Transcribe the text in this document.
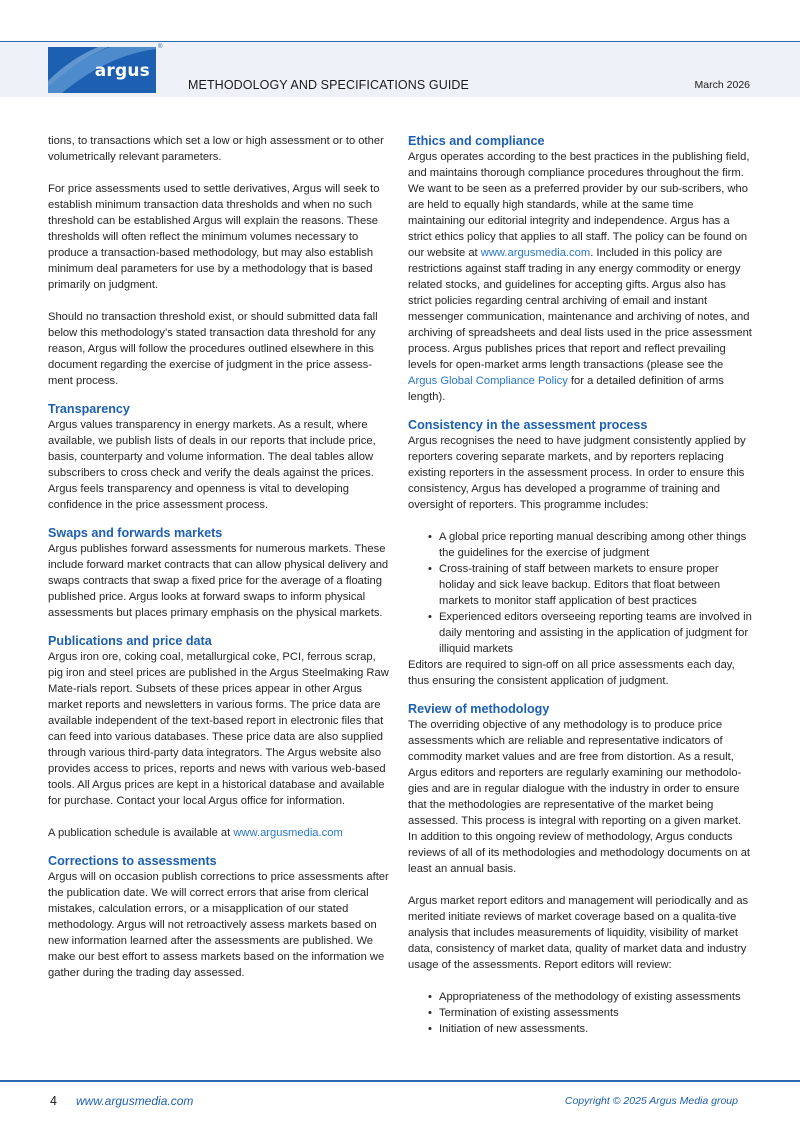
argus
®
METHODOLOGY AND SPECIFICATIONS GUIDE	March 2026

tions, to transactions which set a low or high assessment or to other volumetrically relevant parameters.

For price assessments used to settle derivatives, Argus will seek to establish minimum transaction data thresholds and when no such threshold can be established Argus will explain the reasons. These thresholds will often reflect the minimum volumes necessary to produce a transaction-based methodology, but may also establish minimum deal parameters for use by a methodology that is based primarily on judgment.

Should no transaction threshold exist, or should submitted data fall below this methodology’s stated transaction data threshold for any reason, Argus will follow the procedures outlined elsewhere in this document regarding the exercise of judgment in the price assess-ment process.

Transparency

Argus values transparency in energy markets. As a result, where available, we publish lists of deals in our reports that include price, basis, counterparty and volume information. The deal tables allow subscribers to cross check and verify the deals against the prices. Argus feels transparency and openness is vital to developing confidence in the price assessment process.

Swaps and forwards markets

Argus publishes forward assessments for numerous markets. These include forward market contracts that can allow physical delivery and swaps contracts that swap a fixed price for the average of a floating published price. Argus looks at forward swaps to inform physical assessments but places primary emphasis on the physical markets.

Publications and price data

Argus iron ore, coking coal, metallurgical coke, PCI, ferrous scrap, pig iron and steel prices are published in the Argus Steelmaking Raw Mate-rials report. Subsets of these prices appear in other Argus market reports and newsletters in various forms. The price data are available independent of the text-based report in electronic files that can feed into various databases. These price data are also supplied through various third-party data integrators. The Argus website also provides access to prices, reports and news with various web-based tools. All Argus prices are kept in a historical database and available for purchase. Contact your local Argus office for information.

A publication schedule is available at www.argusmedia.com

Corrections to assessments

Argus will on occasion publish corrections to price assessments after the publication date. We will correct errors that arise from clerical mistakes, calculation errors, or a misapplication of our stated methodology. Argus will not retroactively assess markets based on new information learned after the assessments are published. We make our best effort to assess markets based on the information we gather during the trading day assessed.

Ethics and compliance

Argus operates according to the best practices in the publishing field, and maintains thorough compliance procedures throughout the firm. We want to be seen as a preferred provider by our sub-scribers, who are held to equally high standards, while at the same time maintaining our editorial integrity and independence. Argus has a strict ethics policy that applies to all staff. The policy can be found on our website at www.argusmedia.com. Included in this policy are restrictions against staff trading in any energy commodity or energy related stocks, and guidelines for accepting gifts. Argus also has strict policies regarding central archiving of email and instant messenger communication, maintenance and archiving of notes, and archiving of spreadsheets and deal lists used in the price assessment process. Argus publishes prices that report and reflect prevailing levels for open-market arms length transactions (please see the Argus Global Compliance Policy for a detailed definition of arms length).

Consistency in the assessment process

Argus recognises the need to have judgment consistently applied by reporters covering separate markets, and by reporters replacing existing reporters in the assessment process. In order to ensure this consistency, Argus has developed a programme of training and oversight of reporters. This programme includes:

• A global price reporting manual describing among other things the guidelines for the exercise of judgment
• Cross-training of staff between markets to ensure proper holiday and sick leave backup. Editors that float between markets to monitor staff application of best practices
• Experienced editors overseeing reporting teams are involved in daily mentoring and assisting in the application of judgment for illiquid markets

Editors are required to sign-off on all price assessments each day, thus ensuring the consistent application of judgment.

Review of methodology

The overriding objective of any methodology is to produce price assessments which are reliable and representative indicators of commodity market values and are free from distortion. As a result, Argus editors and reporters are regularly examining our methodolo-gies and are in regular dialogue with the industry in order to ensure that the methodologies are representative of the market being assessed. This process is integral with reporting on a given market. In addition to this ongoing review of methodology, Argus conducts reviews of all of its methodologies and methodology documents on at least an annual basis.

Argus market report editors and management will periodically and as merited initiate reviews of market coverage based on a qualita-tive analysis that includes measurements of liquidity, visibility of market data, consistency of market data, quality of market data and industry usage of the assessments. Report editors will review:

• Appropriateness of the methodology of existing assessments
• Termination of existing assessments
• Initiation of new assessments.
4 www.argusmedia.com	Copyright © 2025 Argus Media group
